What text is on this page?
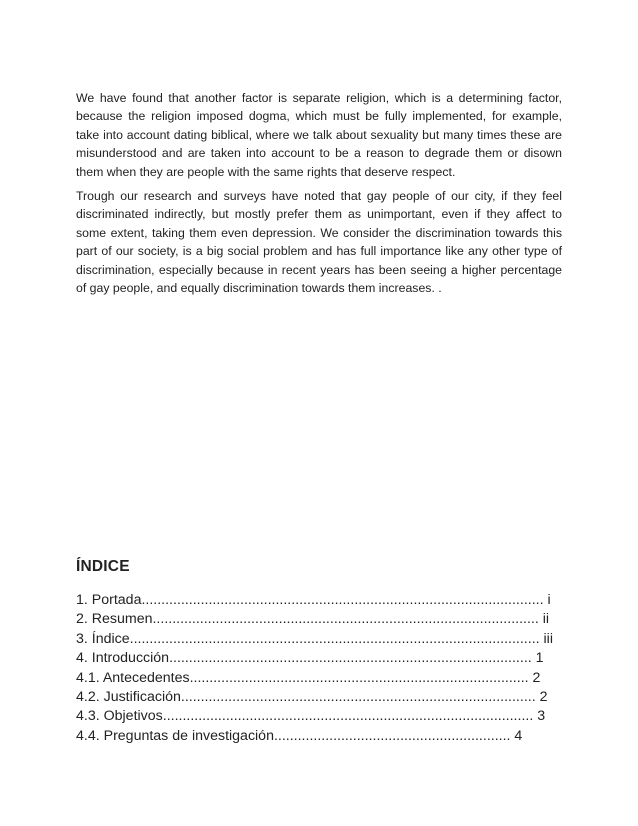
We have found that another factor is separate religion, which is a determining factor, because the religion imposed dogma, which must be fully implemented, for example, take into account dating biblical, where we talk about sexuality but many times these are misunderstood and are taken into account to be a reason to degrade them or disown them when they are people with the same rights that deserve respect.

Trough our research and surveys have noted that gay people of our city, if they feel discriminated indirectly, but mostly prefer them as unimportant, even if they affect to some extent, taking them even depression. We consider the discrimination towards this part of our society, is a big social problem and has full importance like any other type of discrimination, especially because in recent years has been seeing a higher percentage of gay people, and equally discrimination towards them increases. .

ÍNDICE
1. Portada...................................................................................................... i
2. Resumen.................................................................................................. ii
3. Índice........................................................................................................ iii
4. Introducción............................................................................................ 1
4.1. Antecedentes...................................................................................... 2
4.2. Justificación.......................................................................................... 2
4.3. Objetivos.............................................................................................. 3
4.4. Preguntas de investigación............................................................ 4
